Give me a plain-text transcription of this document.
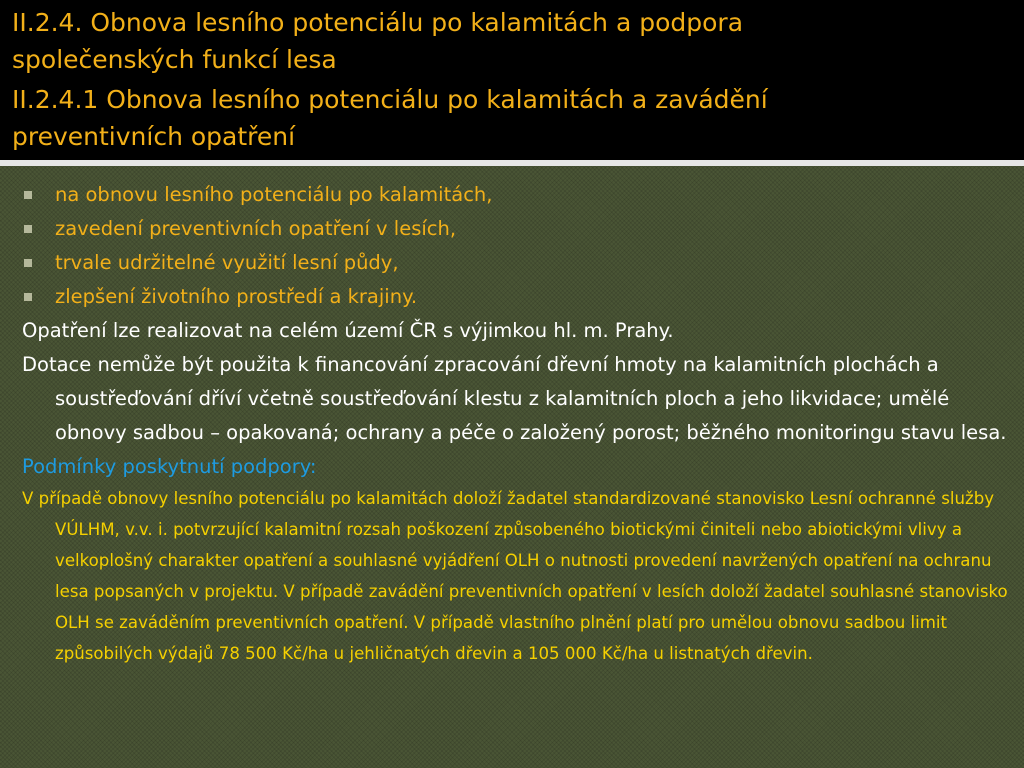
II.2.4. Obnova lesního potenciálu po kalamitách a podpora
společenských funkcí lesa
II.2.4.1 Obnova lesního potenciálu po kalamitách a zavádění
preventivních opatření
na obnovu lesního potenciálu po kalamitách,
zavedení preventivních opatření v lesích,
trvale udržitelné využití lesní půdy,
zlepšení životního prostředí a krajiny.

Opatření lze realizovat na celém území ČR s výjimkou hl. m. Prahy.

Dotace nemůže být použita k financování zpracování dřevní hmoty na kalamitních plochách a soustřeďování dříví včetně soustřeďování klestu z kalamitních ploch a jeho likvidace; umělé obnovy sadbou – opakovaná; ochrany a péče o založený porost; běžného monitoringu stavu lesa.

Podmínky poskytnutí podpory:

V případě obnovy lesního potenciálu po kalamitách doloží žadatel standardizované stanovisko Lesní ochranné služby VÚLHM, v.v. i. potvrzující kalamitní rozsah poškození způsobeného biotickými činiteli nebo abiotickými vlivy a velkoplošný charakter opatření a souhlasné vyjádření OLH o nutnosti provedení navržených opatření na ochranu lesa popsaných v projektu. V případě zavádění preventivních opatření v lesích doloží žadatel souhlasné stanovisko OLH se zaváděním preventivních opatření. V případě vlastního plnění platí pro umělou obnovu sadbou limit způsobilých výdajů 78 500 Kč/ha u jehličnatých dřevin a 105 000 Kč/ha u listnatých dřevin.
